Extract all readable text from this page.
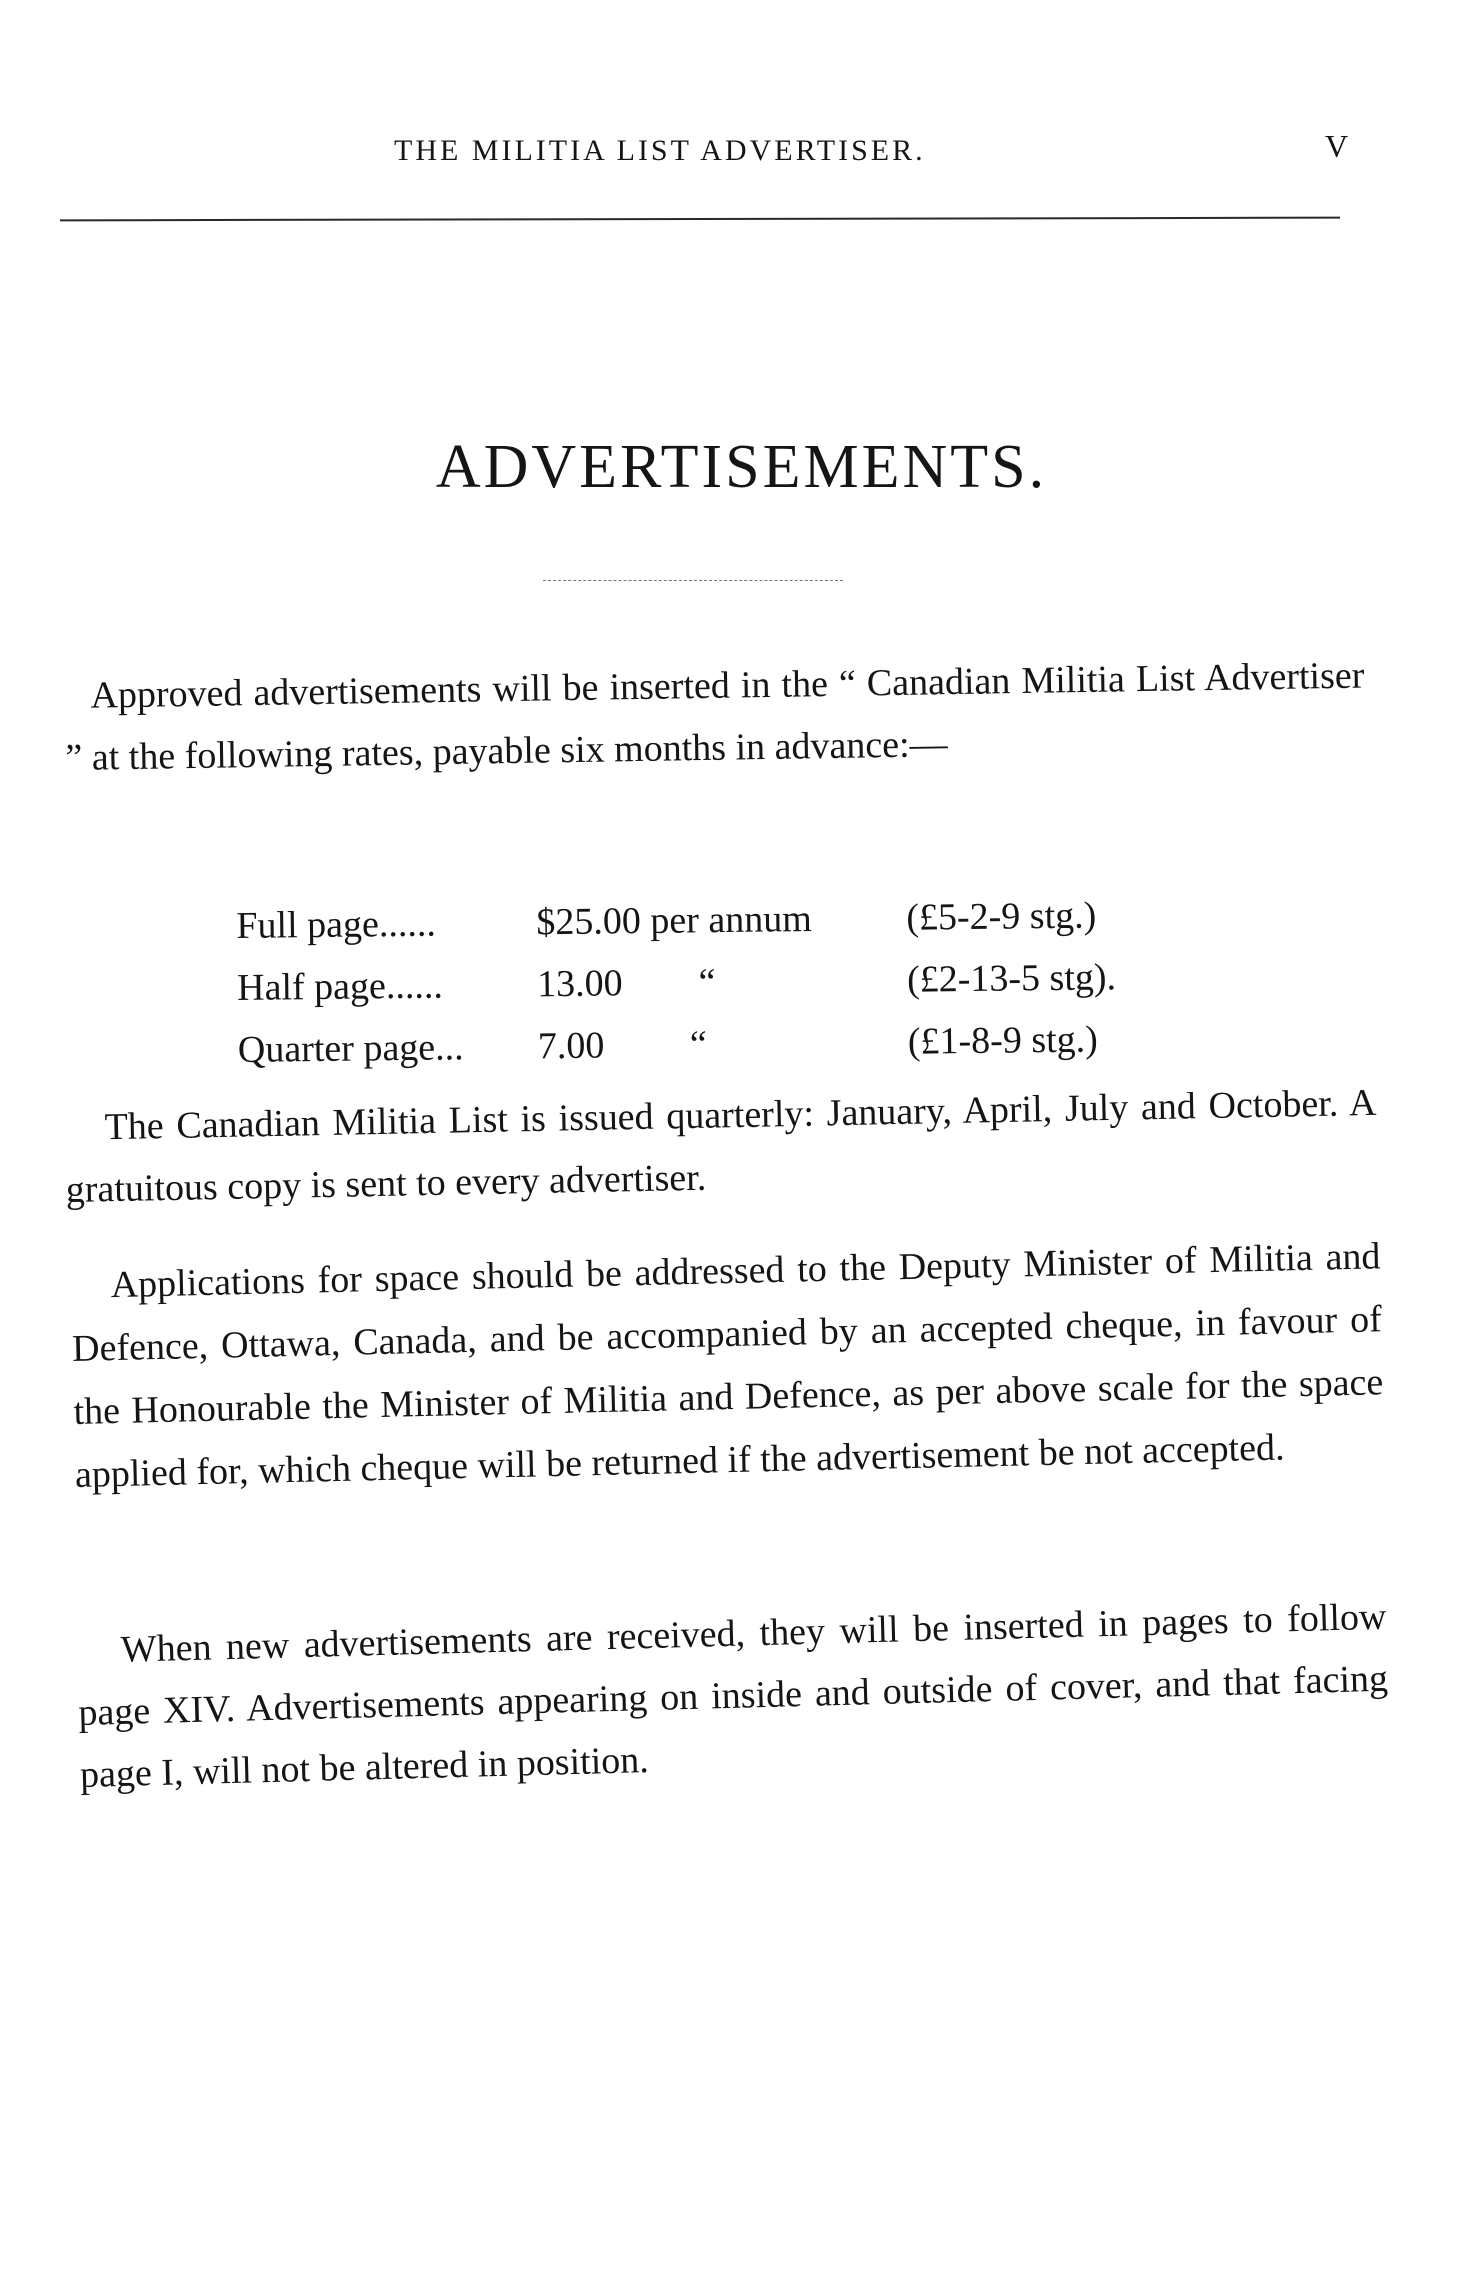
THE MILITIA LIST ADVERTISER.	V
ADVERTISEMENTS.

Approved advertisements will be inserted in the “ Canadian Militia List Advertiser ” at the following rates, payable six months in advance:—

Full page......	$25.00 per annum (£5-2-9 stg.)
Half page...... 13.00        “	(£2-13-5 stg).
Quarter page... 7.00         “	(£1-8-9 stg.)

The Canadian Militia List is issued quarterly: January, April, July and October. A gratuitous copy is sent to every advertiser.

Applications for space should be addressed to the Deputy Minister of Militia and Defence, Ottawa, Canada, and be accompanied by an accepted cheque, in favour of the Honourable the Minister of Militia and Defence, as per above scale for the space applied for, which cheque will be returned if the advertisement be not accepted.

When new advertisements are received, they will be inserted in pages to follow page XIV. Advertisements appearing on inside and outside of cover, and that facing page I, will not be altered in position.
